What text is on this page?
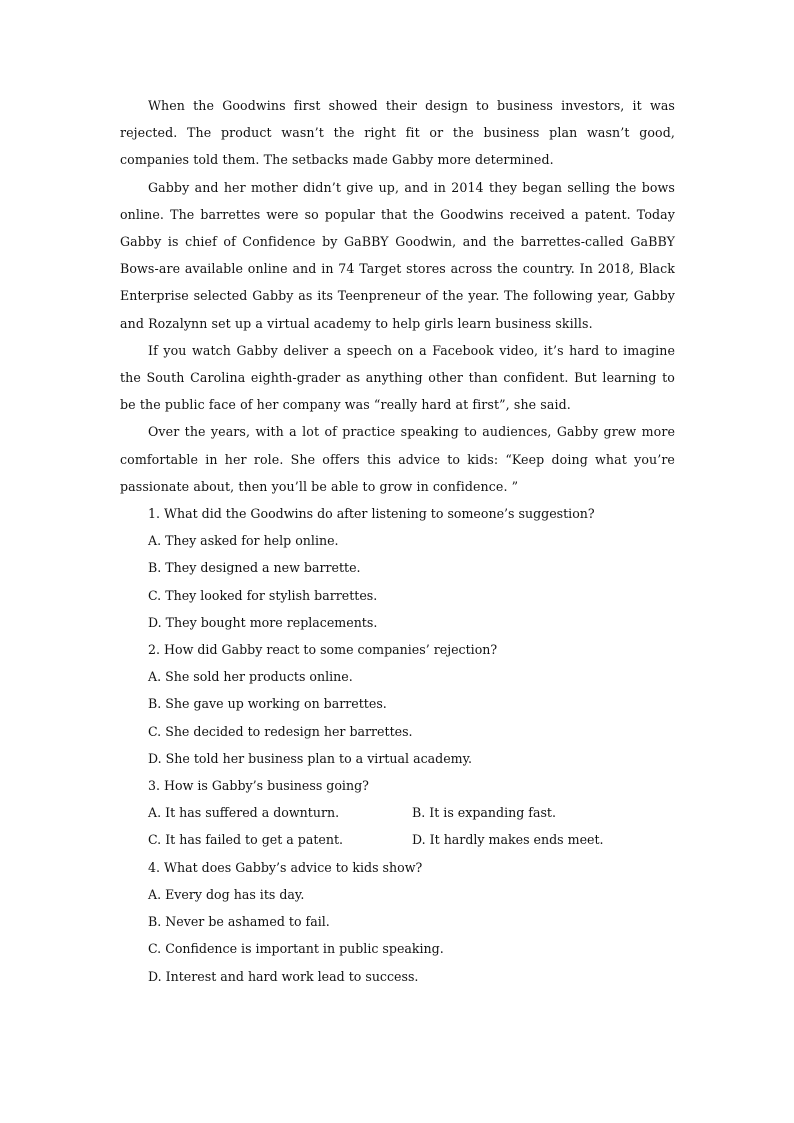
When the Goodwins first showed their design to business investors, it was rejected. The product wasn’t the right fit or the business plan wasn’t good, companies told them. The setbacks made Gabby more determined.

Gabby and her mother didn’t give up, and in 2014 they began selling the bows online. The barrettes were so popular that the Goodwins received a patent. Today Gabby is chief of Confidence by GaBBY Goodwin, and the barrettes-called GaBBY Bows-are available online and in 74 Target stores across the country. In 2018, Black Enterprise selected Gabby as its Teenpreneur of the year. The following year, Gabby and Rozalynn set up a virtual academy to help girls learn business skills.

If you watch Gabby deliver a speech on a Facebook video, it’s hard to imagine the South Carolina eighth-grader as anything other than confident. But learning to be the public face of her company was “really hard at first”, she said.

Over the years, with a lot of practice speaking to audiences, Gabby grew more comfortable in her role. She offers this advice to kids: “Keep doing what you’re passionate about, then you’ll be able to grow in confidence. ”

1. What did the Goodwins do after listening to someone’s suggestion?

A. They asked for help online.

B. They designed a new barrette.

C. They looked for stylish barrettes.

D. They bought more replacements.

2. How did Gabby react to some companies’ rejection?

A. She sold her products online.

B. She gave up working on barrettes.

C. She decided to redesign her barrettes.

D. She told her business plan to a virtual academy.

3. How is Gabby’s business going?

A. It has suffered a downturn.	B. It is expanding fast.
C. It has failed to get a patent.	D. It hardly makes ends meet.

4. What does Gabby’s advice to kids show?

A. Every dog has its day.

B. Never be ashamed to fail.

C. Confidence is important in public speaking.

D. Interest and hard work lead to success.
